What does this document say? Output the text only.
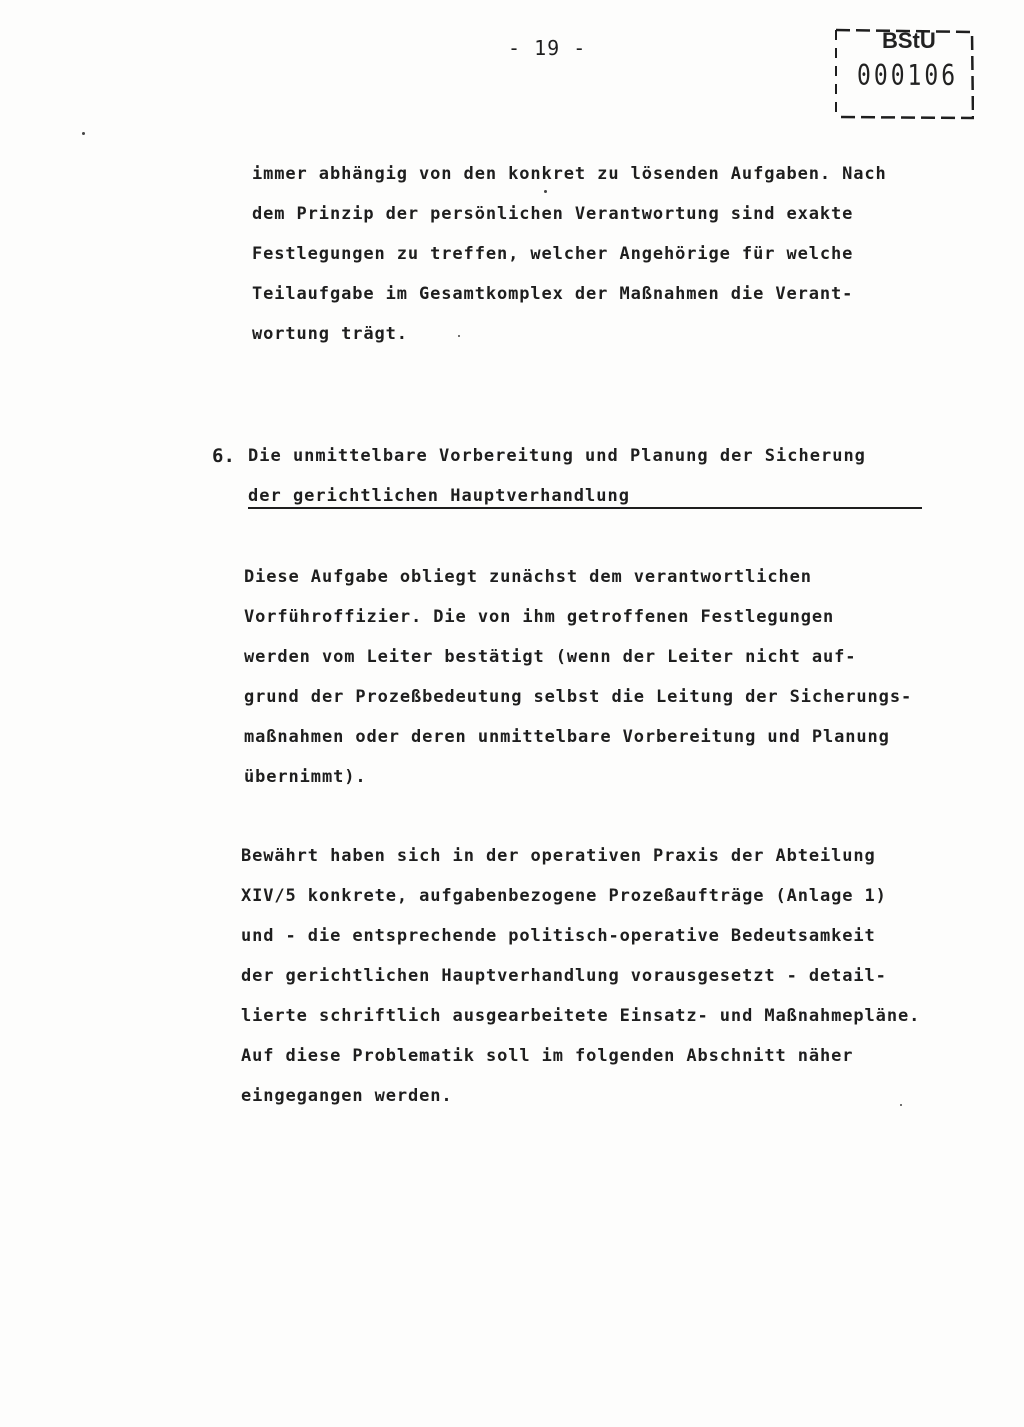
- 19 -	BStU
000106
immer abhängig von den konkret zu lösenden Aufgaben. Nach
dem Prinzip der persönlichen Verantwortung sind exakte
Festlegungen zu treffen, welcher Angehörige für welche
Teilaufgabe im Gesamtkomplex der Maßnahmen die Verant-
wortung trägt.
6. Die unmittelbare Vorbereitung und Planung der Sicherung
der gerichtlichen Hauptverhandlung
Diese Aufgabe obliegt zunächst dem verantwortlichen
Vorführoffizier. Die von ihm getroffenen Festlegungen
werden vom Leiter bestätigt (wenn der Leiter nicht auf-
grund der Prozeßbedeutung selbst die Leitung der Sicherungs-
maßnahmen oder deren unmittelbare Vorbereitung und Planung
übernimmt).
Bewährt haben sich in der operativen Praxis der Abteilung
XIV/5 konkrete, aufgabenbezogene Prozeßaufträge (Anlage 1)
und - die entsprechende politisch-operative Bedeutsamkeit
der gerichtlichen Hauptverhandlung vorausgesetzt - detail-
lierte schriftlich ausgearbeitete Einsatz- und Maßnahmepläne.
Auf diese Problematik soll im folgenden Abschnitt näher
eingegangen werden.
